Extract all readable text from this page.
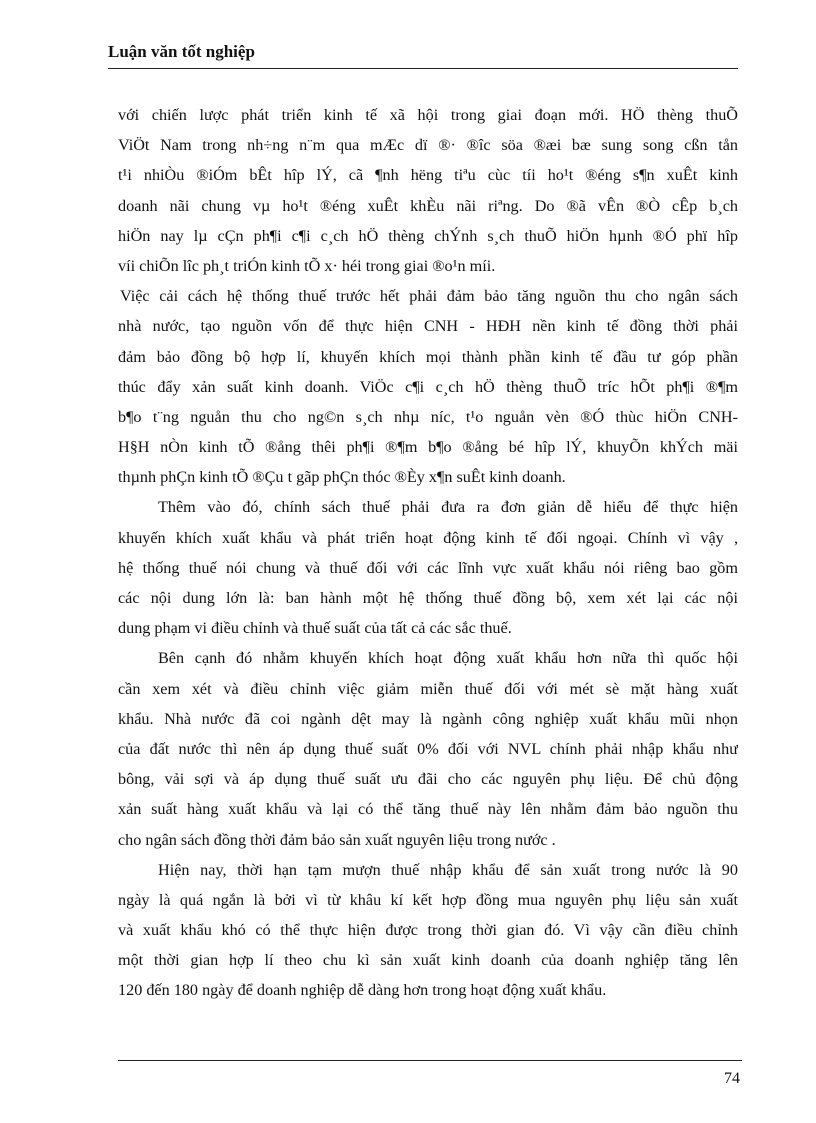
Luận văn tốt nghiệp
với chiến lược phát triển kinh tế xã hội trong giai đoạn mới. HÖ thèng thuÕ
ViÖt Nam trong nh÷ng n¨m qua mÆc dï ®· ®îc söa ®æi bæ sung song cßn tån
t¹i nhiÒu ®iÓm bÊt hîp lÝ, cã ¶nh hëng tiªu cùc tíi ho¹t ®éng s¶n xuÊt kinh
doanh nãi chung vµ ho¹t ®éng xuÊt khÈu nãi riªng. Do ®ã vÊn ®Ò cÊp b¸ch
hiÖn nay lµ cÇn ph¶i c¶i c¸ch hÖ thèng chÝnh s¸ch thuÕ hiÖn hµnh ®Ó phï hîp
víi chiÕn lîc ph¸t triÓn kinh tÕ x· héi trong giai ®o¹n míi.
Việc cải cách hệ thống thuế trước hết phải đảm bảo tăng nguồn thu cho ngân sách
nhà nước, tạo nguồn vốn để thực hiện CNH - HĐH nền kinh tế đồng thời phải
đảm bảo đồng bộ hợp lí, khuyến khích mọi thành phần kinh tế đầu tư góp phần
thúc đẩy xản suất kinh doanh. ViÖc c¶i c¸ch hÖ thèng thuÕ tríc hÕt ph¶i ®¶m
b¶o t¨ng nguån thu cho ng©n s¸ch nhµ níc, t¹o nguån vèn ®Ó thùc hiÖn CNH-
H§H nÒn kinh tÕ ®ång thêi ph¶i ®¶m b¶o ®ång bé hîp lÝ, khuyÕn khÝch mäi
thµnh phÇn kinh tÕ ®Çu t gãp phÇn thóc ®Èy x¶n suÊt kinh doanh.
Thêm vào đó, chính sách thuế phải đưa ra đơn giản dễ hiểu để thực hiện
khuyến khích xuất khẩu và phát triển hoạt động kinh tế đối ngoại. Chính vì vậy ,
hệ thống thuế nói chung và thuế đối với các lĩnh vực xuất khẩu nói riêng bao gồm
các nội dung lớn là: ban hành một hệ thống thuế đồng bộ, xem xét lại các nội
dung phạm vi điều chỉnh và thuế suất của tất cả các sắc thuế.
Bên cạnh đó nhằm khuyến khích hoạt động xuất khẩu hơn nữa thì quốc hội
cần xem xét và điều chỉnh việc giảm miễn thuế đối với mét sè mặt hàng xuất
khẩu. Nhà nước đã coi ngành dệt may là ngành công nghiệp xuất khẩu mũi nhọn
của đất nước thì nên áp dụng thuế suất 0% đối với NVL chính phải nhập khẩu như
bông, vải sợi và áp dụng thuế suất ưu đãi cho các nguyên phụ liệu. Để chủ động
xản suất hàng xuất khẩu và lại có thể tăng thuế này lên nhằm đảm bảo nguồn thu
cho ngân sách đồng thời đảm bảo sản xuất nguyên liệu trong nước .
Hiện nay, thời hạn tạm mượn thuế nhập khẩu để sản xuất trong nước là 90
ngày là quá ngắn là bởi vì từ khâu kí kết hợp đồng mua nguyên phụ liệu sản xuất
và xuất khẩu khó có thể thực hiện được trong thời gian đó. Vì vậy cần điều chỉnh
một thời gian hợp lí theo chu kì sản xuất kinh doanh của doanh nghiệp tăng lên
120 đến 180 ngày để doanh nghiệp dễ dàng hơn trong hoạt động xuất khẩu.
74
